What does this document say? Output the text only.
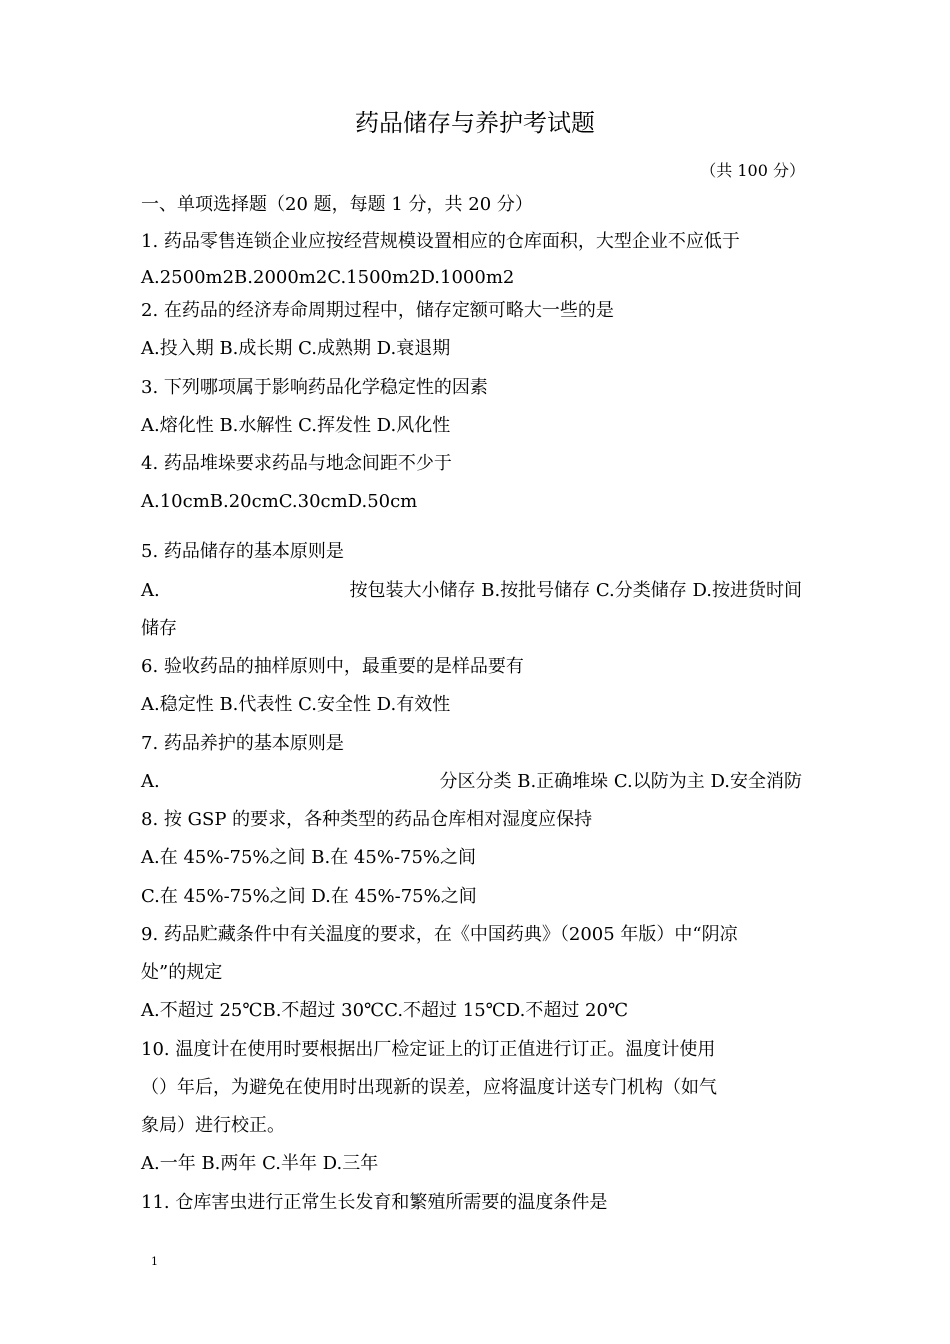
药品储存与养护考试题
（共 100 分）
一、单项选择题（20 题，每题 1 分，共 20 分）
1. 药品零售连锁企业应按经营规模设置相应的仓库面积，大型企业不应低于
A.2500m2B.2000m2C.1500m2D.1000m2
2. 在药品的经济寿命周期过程中，储存定额可略大一些的是
A.投入期 B.成长期 C.成熟期 D.衰退期
3. 下列哪项属于影响药品化学稳定性的因素
A.熔化性 B.水解性 C.挥发性 D.风化性
4. 药品堆垛要求药品与地念间距不少于
A.10cmB.20cmC.30cmD.50cm
5. 药品储存的基本原则是
A.	按包装大小储存 B.按批号储存 C.分类储存 D.按进货时间
储存
6. 验收药品的抽样原则中，最重要的是样品要有
A.稳定性 B.代表性 C.安全性 D.有效性
7. 药品养护的基本原则是
A.	分区分类 B.正确堆垛 C.以防为主 D.安全消防
8. 按 GSP 的要求，各种类型的药品仓库相对湿度应保持
A.在 45%-75%之间 B.在 45%-75%之间
C.在 45%-75%之间 D.在 45%-75%之间
9. 药品贮藏条件中有关温度的要求，在《中国药典》（2005 年版）中“阴凉
处”的规定
A.不超过 25℃B.不超过 30℃C.不超过 15℃D.不超过 20℃
10. 温度计在使用时要根据出厂检定证上的订正值进行订正。温度计使用
（）年后，为避免在使用时出现新的误差，应将温度计送专门机构（如气
象局）进行校正。
A.一年 B.两年 C.半年 D.三年
11. 仓库害虫进行正常生长发育和繁殖所需要的温度条件是
1
